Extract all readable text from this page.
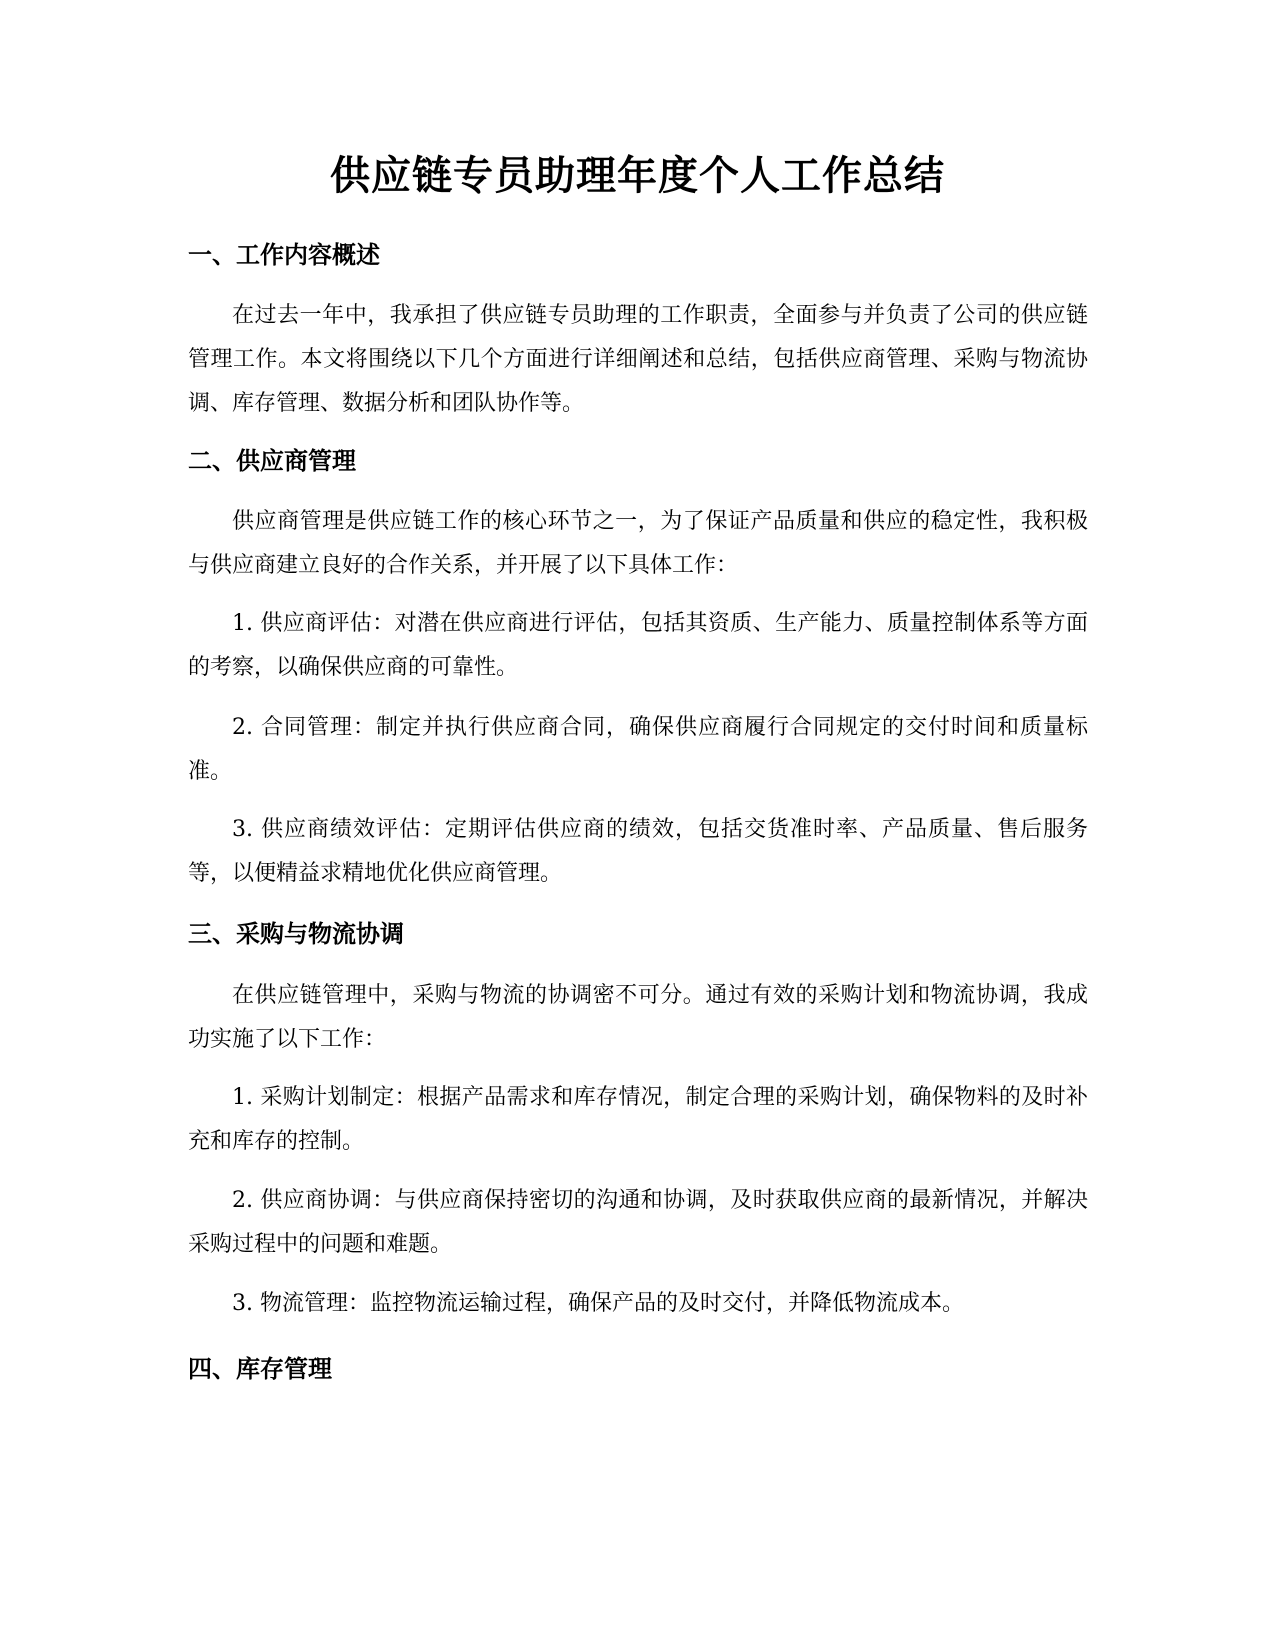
供应链专员助理年度个人工作总结
一、工作内容概述

在过去一年中，我承担了供应链专员助理的工作职责，全面参与并负责了公司的供应链管理工作。本文将围绕以下几个方面进行详细阐述和总结，包括供应商管理、采购与物流协调、库存管理、数据分析和团队协作等。

二、供应商管理

供应商管理是供应链工作的核心环节之一，为了保证产品质量和供应的稳定性，我积极与供应商建立良好的合作关系，并开展了以下具体工作：

1. 供应商评估：对潜在供应商进行评估，包括其资质、生产能力、质量控制体系等方面的考察，以确保供应商的可靠性。

2. 合同管理：制定并执行供应商合同，确保供应商履行合同规定的交付时间和质量标准。

3. 供应商绩效评估：定期评估供应商的绩效，包括交货准时率、产品质量、售后服务等，以便精益求精地优化供应商管理。

三、采购与物流协调

在供应链管理中，采购与物流的协调密不可分。通过有效的采购计划和物流协调，我成功实施了以下工作：

1. 采购计划制定：根据产品需求和库存情况，制定合理的采购计划，确保物料的及时补充和库存的控制。

2. 供应商协调：与供应商保持密切的沟通和协调，及时获取供应商的最新情况，并解决采购过程中的问题和难题。

3. 物流管理：监控物流运输过程，确保产品的及时交付，并降低物流成本。

四、库存管理
